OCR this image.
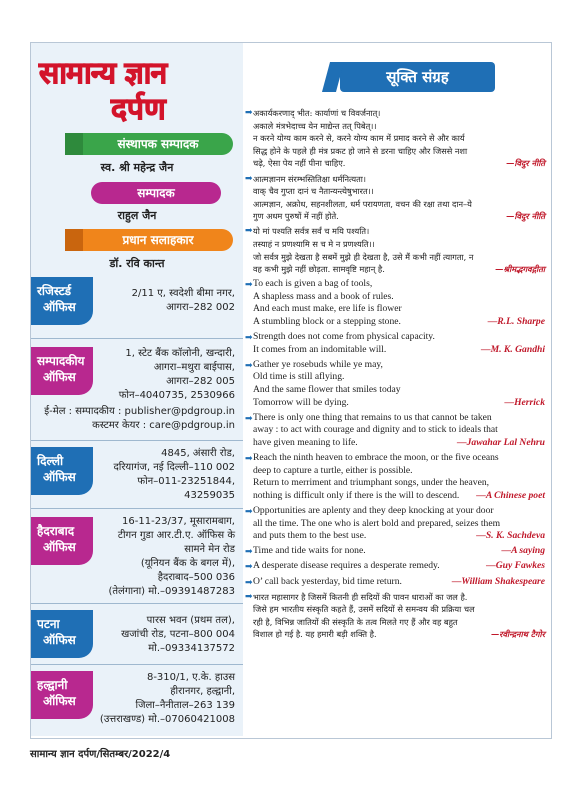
सामान्य ज्ञान
दर्पण
संस्थापक सम्पादक
स्व. श्री महेन्द्र जैन
सम्पादक
राहुल जैन
प्रधान सलाहकार
डॉ. रवि कान्त
रजिस्टर्ड
ऑफिस
2/11 ए, स्वदेशी बीमा नगर,
आगरा–282 002
सम्पादकीय
ऑफिस
1, स्टेट बैंक कॉलोनी, खन्दारी,
आगरा–मथुरा बाईपास,
आगरा–282 005
फोन–4040735, 2530966
ई-मेल : सम्पादकीय : publisher@pdgroup.in
कस्टमर केयर : care@pdgroup.in
दिल्ली
ऑफिस
4845, अंसारी रोड,
दरियागंज, नई दिल्ली–110 002
फोन–011-23251844,
43259035
हैदराबाद
ऑफिस
16-11-23/37, मूसारामबाग,
टीगन गुडा आर.टी.ए. ऑफिस के
सामने मेन रोड
(यूनियन बैंक के बगल में),
हैदराबाद–500 036
(तेलंगाना) मो.–09391487283
पटना
ऑफिस
पारस भवन (प्रथम तल),
खजांची रोड, पटना–800 004
मो.–09334137572
हल्द्वानी
ऑफिस
8-310/1, ए.के. हाउस
हीरानगर, हल्द्वानी,
जिला–नैनीताल–263 139
(उत्तराखण्ड) मो.–07060421008
सूक्ति संग्रह
➡ अकार्यकरणाद् भीत: कार्याणां च विवर्जनात्।
अकाले मंत्रभेदाच्च येन माद्येन्त तत् पिबेत्।।
न करने योग्य काम करने से, करने योग्य काम में प्रमाद करने से और कार्य
सिद्ध होने के पहले ही मंत्र प्रकट हो जाने से डरना चाहिए और जिससे नशा
चढ़े, ऐसा पेय नहीं पीना चाहिए.	—विदुर नीति
➡ आत्मज्ञानम संरम्भस्तितिक्षा धर्मनित्यता।
वाक् चैव गुप्ता दानं च नैतान्यन्त्येषुभारत।।
आत्मज्ञान, अक्रोध, सहनशीलता, धर्म परायणता, वचन की रक्षा तथा दान–ये
गुण अधम पुरुषों में नहीं होते.	—विदुर नीति
➡ यो मां पश्यति सर्वत्र सर्वं च मयि पश्यति।
तस्याहं न प्रणश्यामि स च मे न प्रणश्यति।।
जो सर्वत्र मुझे देखता है सबमें मुझे ही देखता है, उसे मैं कभी नहीं त्यागता, न
वह कभी मुझे नहीं छोड़ता. सामवृष्टि महान् है.	—श्रीमद्भगवद्गीता
➡ To each is given a bag of tools,
A shapless mass and a book of rules.
And each must make, ere life is flower
A stumbling block or a stepping stone.	—R.L. Sharpe
➡ Strength does not come from physical capacity.
It comes from an indomitable will.	—M. K. Gandhi
➡ Gather ye rosebuds while ye may,
Old time is still aflying.
And the same flower that smiles today
Tomorrow will be dying.	—Herrick
➡ There is only one thing that remains to us that cannot be taken
away : to act with courage and dignity and to stick to ideals that
have given meaning to life.	—Jawahar Lal Nehru
➡ Reach the ninth heaven to embrace the moon, or the five oceans
deep to capture a turtle, either is possible.
Return to merriment and triumphant songs, under the heaven,
nothing is difficult only if there is the will to descend.	—A Chinese poet
➡ Opportunities are aplenty and they deep knocking at your door
all the time. The one who is alert bold and prepared, seizes them
and puts them to the best use.	—S. K. Sachdeva
➡ Time and tide waits for none.	—A saying
➡ A desperate disease requires a desperate remedy.	—Guy Fawkes
➡ O’ call back yesterday, bid time return.	—William Shakespeare
➡ भारत महासागर है जिसमें कितनी ही सदियों की पावन धाराओं का जल है.
जिसे हम भारतीय संस्कृति कहते हैं, उसमें सदियों से समन्वय की प्रक्रिया चल
रही है, विभिन्न जातियों की संस्कृति के तत्व मिलते गए हैं और वह बहुत
विशाल हो गई है. यह हमारी बड़ी शक्ति है.	—रवीन्द्रनाथ टैगोर
सामान्य ज्ञान दर्पण/सितम्बर/2022/4
